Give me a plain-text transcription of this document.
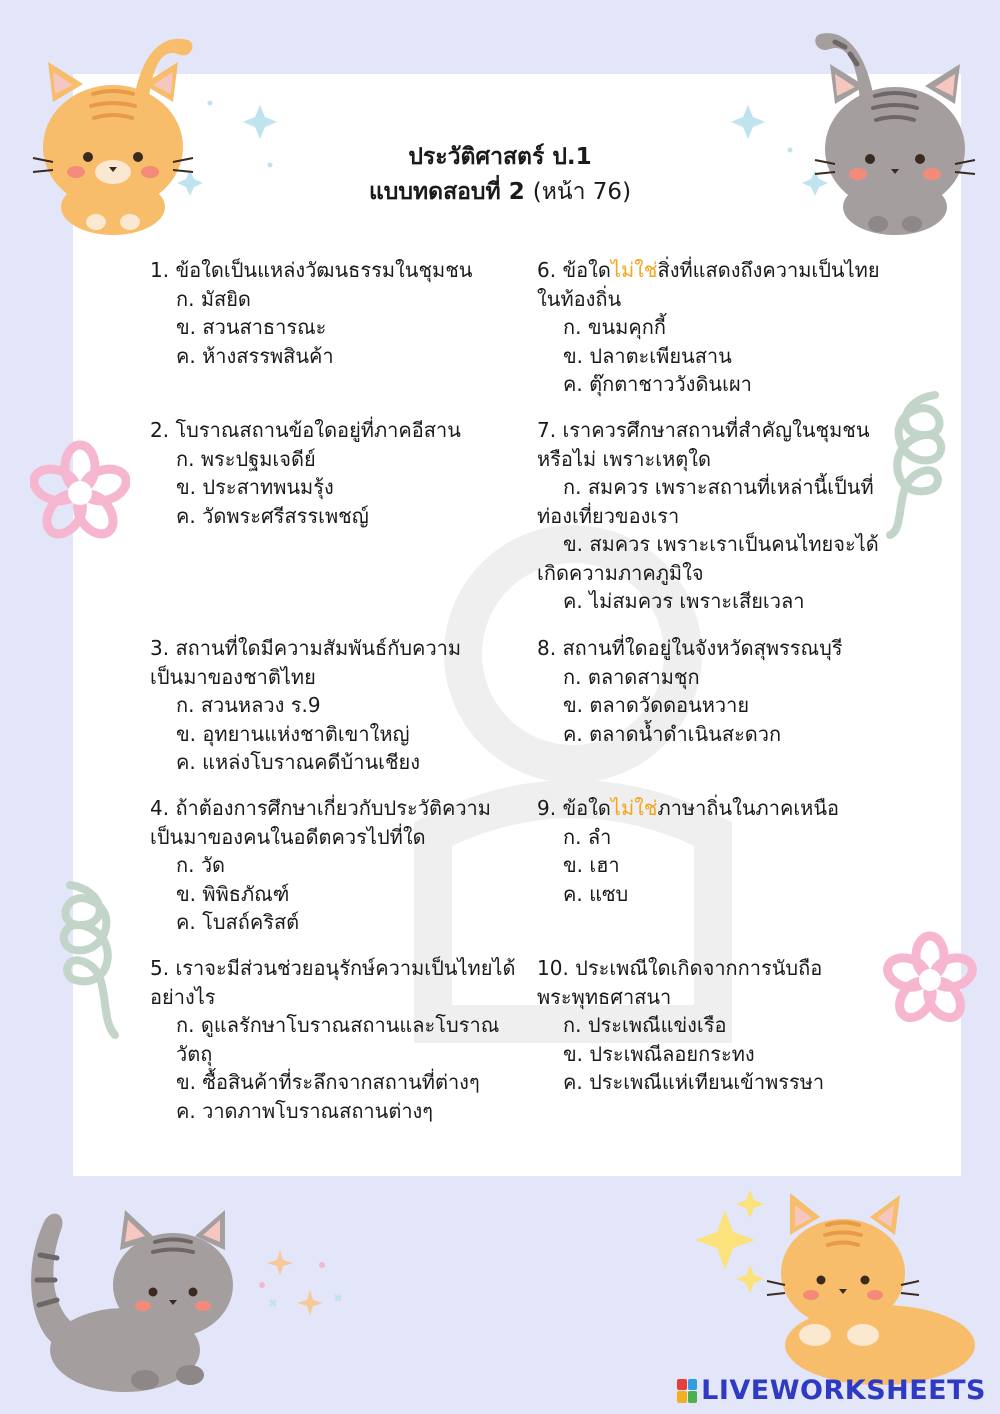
ประวัติศาสตร์ ป.1
แบบทดสอบที่ 2 (หน้า 76)
1. ข้อใดเป็นแหล่งวัฒนธรรมในชุมชน
ก. มัสยิด
ข. สวนสาธารณะ
ค. ห้างสรรพสินค้า
2. โบราณสถานข้อใดอยู่ที่ภาคอีสาน
ก. พระปฐมเจดีย์
ข. ประสาทพนมรุ้ง
ค. วัดพระศรีสรรเพชญ์
3. สถานที่ใดมีความสัมพันธ์กับความเป็นมาของชาติไทย
ก. สวนหลวง ร.9
ข. อุทยานแห่งชาติเขาใหญ่
ค. แหล่งโบราณคดีบ้านเชียง
4. ถ้าต้องการศึกษาเกี่ยวกับประวัติความเป็นมาของคนในอดีตควรไปที่ใด
ก. วัด
ข. พิพิธภัณฑ์
ค. โบสถ์คริสต์
5. เราจะมีส่วนช่วยอนุรักษ์ความเป็นไทยได้อย่างไร
ก. ดูแลรักษาโบราณสถานและโบราณวัตถุ
ข. ซื้อสินค้าที่ระลึกจากสถานที่ต่างๆ
ค. วาดภาพโบราณสถานต่างๆ
6. ข้อใดไม่ใช่สิ่งที่แสดงถึงความเป็นไทยในท้องถิ่น
ก. ขนมคุกกี้
ข. ปลาตะเพียนสาน
ค. ตุ๊กตาชาววังดินเผา
7. เราควรศึกษาสถานที่สำคัญในชุมชนหรือไม่ เพราะเหตุใด
ก. สมควร เพราะสถานที่เหล่านี้เป็นที่ท่องเที่ยวของเรา
ข. สมควร เพราะเราเป็นคนไทยจะได้เกิดความภาคภูมิใจ
ค. ไม่สมควร เพราะเสียเวลา
8. สถานที่ใดอยู่ในจังหวัดสุพรรณบุรี
ก. ตลาดสามชุก
ข. ตลาดวัดดอนหวาย
ค. ตลาดน้ำดำเนินสะดวก
9. ข้อใดไม่ใช่ภาษาถิ่นในภาคเหนือ
ก. ลำ
ข. เฮา
ค. แซบ
10. ประเพณีใดเกิดจากการนับถือพระพุทธศาสนา
ก. ประเพณีแข่งเรือ
ข. ประเพณีลอยกระทง
ค. ประเพณีแห่เทียนเข้าพรรษา
LIVEWORKSHEETS
